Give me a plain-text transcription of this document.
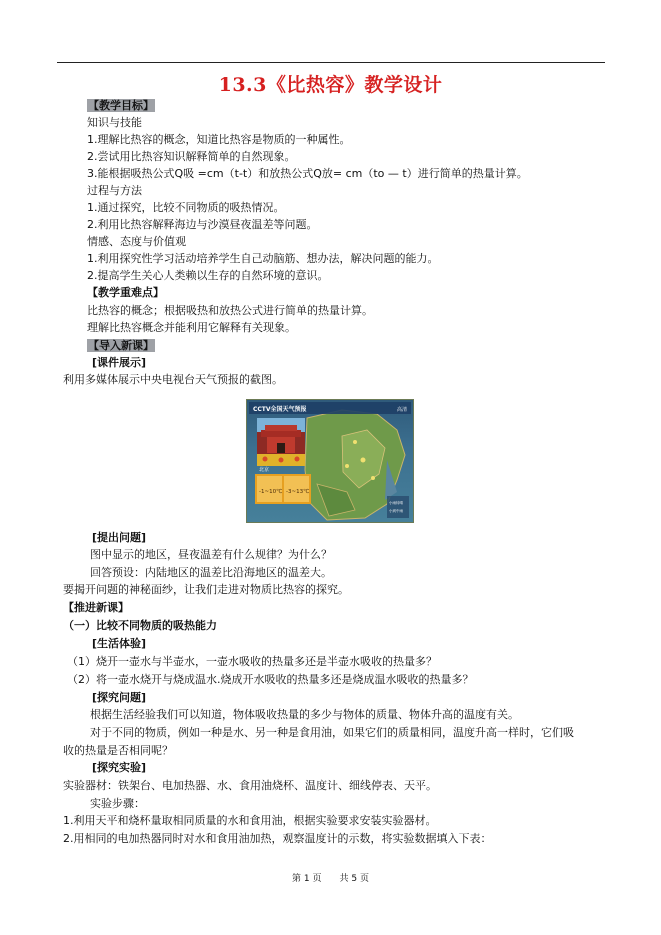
13.3《比热容》教学设计
【教学目标】
知识与技能
1.理解比热容的概念，知道比热容是物质的一种属性。
2.尝试用比热容知识解释简单的自然现象。
3.能根据吸热公式Q吸 =cm（t-t）和放热公式Q放= cm（to — t）进行简单的热量计算。
过程与方法
1.通过探究，比较不同物质的吸热情况。
2.利用比热容解释海边与沙漠昼夜温差等问题。
情感、态度与价值观
1.利用探究性学习活动培养学生自己动脑筋、想办法，解决问题的能力。
2.提高学生关心人类赖以生存的自然环境的意识。
【教学重难点】
比热容的概念；根据吸热和放热公式进行简单的热量计算。
理解比热容概念并能利用它解释有关现象。
【导入新课】
[课件展示]
利用多媒体展示中央电视台天气预报的截图。
CCTV全国天气预报	高清
北京
-1~10℃ -3~13℃
小雨转晴
小到中雨
[提出问题]
图中显示的地区，昼夜温差有什么规律？为什么？
回答预设：内陆地区的温差比沿海地区的温差大。
要揭开问题的神秘面纱，让我们走进对物质比热容的探究。
【推进新课】
（一）比较不同物质的吸热能力
[生活体验]
（1）烧开一壶水与半壶水，一壶水吸收的热量多还是半壶水吸收的热量多？
（2）将一壶水烧开与烧成温水.烧成开水吸收的热量多还是烧成温水吸收的热量多？
[探究问题]
根据生活经验我们可以知道，物体吸收热量的多少与物体的质量、物体升高的温度有关。
对于不同的物质，例如一种是水、另一种是食用油，如果它们的质量相同，温度升高一样时，它们吸
收的热量是否相同呢？
[探究实验]
实验器材：铁架台、电加热器、水、食用油烧杯、温度计、细线停表、天平。
实验步骤：
1.利用天平和烧杯量取相同质量的水和食用油，根据实验要求安装实验器材。
2.用相同的电加热器同时对水和食用油加热，观察温度计的示数，将实验数据填入下表：
第 1 页　　共 5 页
